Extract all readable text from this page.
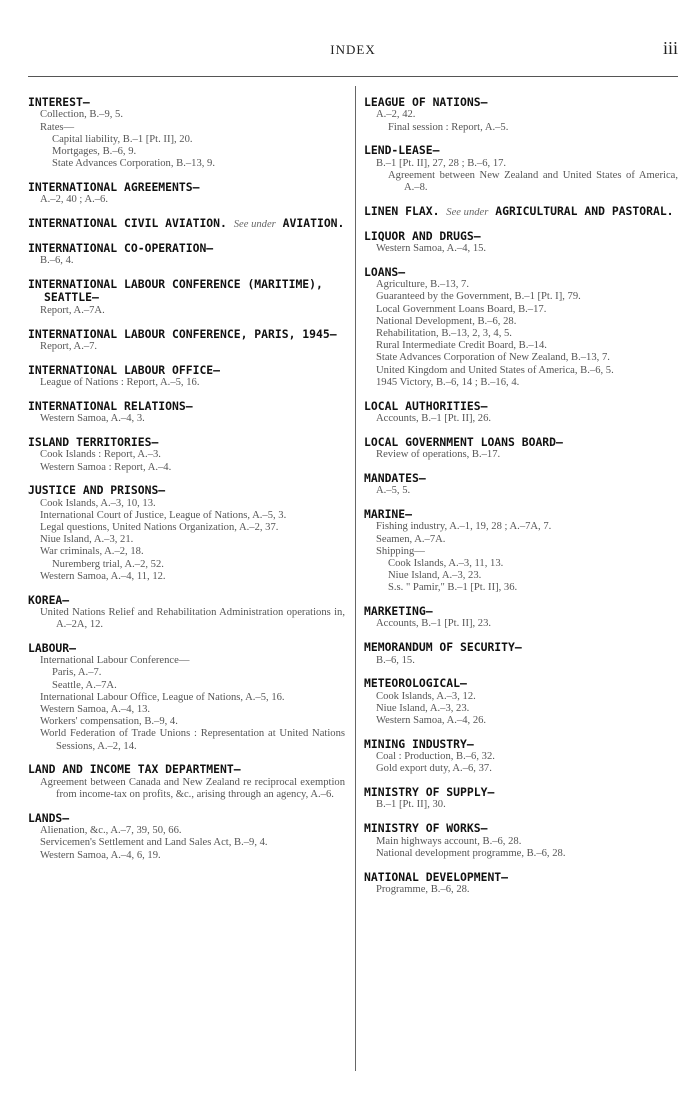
INDEX	iii
INTEREST—
Collection, B.–9, 5.
Rates—
Capital liability, B.–1 [Pt. II], 20.
Mortgages, B.–6, 9.
State Advances Corporation, B.–13, 9.
INTERNATIONAL AGREEMENTS—
A.–2, 40 ; A.–6.
INTERNATIONAL CIVIL AVIATION. See under AVIATION.
INTERNATIONAL CO-OPERATION—
B.–6, 4.
INTERNATIONAL LABOUR CONFERENCE (MARITIME), SEATTLE—
Report, A.–7A.
INTERNATIONAL LABOUR CONFERENCE, PARIS, 1945—
Report, A.–7.
INTERNATIONAL LABOUR OFFICE—
League of Nations : Report, A.–5, 16.
INTERNATIONAL RELATIONS—
Western Samoa, A.–4, 3.
ISLAND TERRITORIES—
Cook Islands : Report, A.–3.
Western Samoa : Report, A.–4.
JUSTICE AND PRISONS—
Cook Islands, A.–3, 10, 13.
International Court of Justice, League of Nations, A.–5, 3.
Legal questions, United Nations Organization, A.–2, 37.
Niue Island, A.–3, 21.
War criminals, A.–2, 18.
Nuremberg trial, A.–2, 52.
Western Samoa, A.–4, 11, 12.
KOREA—
United Nations Relief and Rehabilitation Administration operations in, A.–2A, 12.
LABOUR—
International Labour Conference—
Paris, A.–7.
Seattle, A.–7A.
International Labour Office, League of Nations, A.–5, 16.
Western Samoa, A.–4, 13.
Workers' compensation, B.–9, 4.
World Federation of Trade Unions : Representation at United Nations Sessions, A.–2, 14.
LAND AND INCOME TAX DEPARTMENT—
Agreement between Canada and New Zealand re reciprocal exemption from income-tax on profits, &c., arising through an agency, A.–6.
LANDS—
Alienation, &c., A.–7, 39, 50, 66.
Servicemen's Settlement and Land Sales Act, B.–9, 4.
Western Samoa, A.–4, 6, 19.
LEAGUE OF NATIONS—
A.–2, 42.
Final session : Report, A.–5.
LEND-LEASE—
B.–1 [Pt. II], 27, 28 ; B.–6, 17.
Agreement between New Zealand and United States of America, A.–8.
LINEN FLAX. See under AGRICULTURAL AND PASTORAL.
LIQUOR AND DRUGS—
Western Samoa, A.–4, 15.
LOANS—
Agriculture, B.–13, 7.
Guaranteed by the Government, B.–1 [Pt. I], 79.
Local Government Loans Board, B.–17.
National Development, B.–6, 28.
Rehabilitation, B.–13, 2, 3, 4, 5.
Rural Intermediate Credit Board, B.–14.
State Advances Corporation of New Zealand, B.–13, 7.
United Kingdom and United States of America, B.–6, 5.
1945 Victory, B.–6, 14 ; B.–16, 4.
LOCAL AUTHORITIES—
Accounts, B.–1 [Pt. II], 26.
LOCAL GOVERNMENT LOANS BOARD—
Review of operations, B.–17.
MANDATES—
A.–5, 5.
MARINE—
Fishing industry, A.–1, 19, 28 ; A.–7A, 7.
Seamen, A.–7A.
Shipping—
Cook Islands, A.–3, 11, 13.
Niue Island, A.–3, 23.
S.s. " Pamir," B.–1 [Pt. II], 36.
MARKETING—
Accounts, B.–1 [Pt. II], 23.
MEMORANDUM OF SECURITY—
B.–6, 15.
METEOROLOGICAL—
Cook Islands, A.–3, 12.
Niue Island, A.–3, 23.
Western Samoa, A.–4, 26.
MINING INDUSTRY—
Coal : Production, B.–6, 32.
Gold export duty, A.–6, 37.
MINISTRY OF SUPPLY—
B.–1 [Pt. II], 30.
MINISTRY OF WORKS—
Main highways account, B.–6, 28.
National development programme, B.–6, 28.
NATIONAL DEVELOPMENT—
Programme, B.–6, 28.
